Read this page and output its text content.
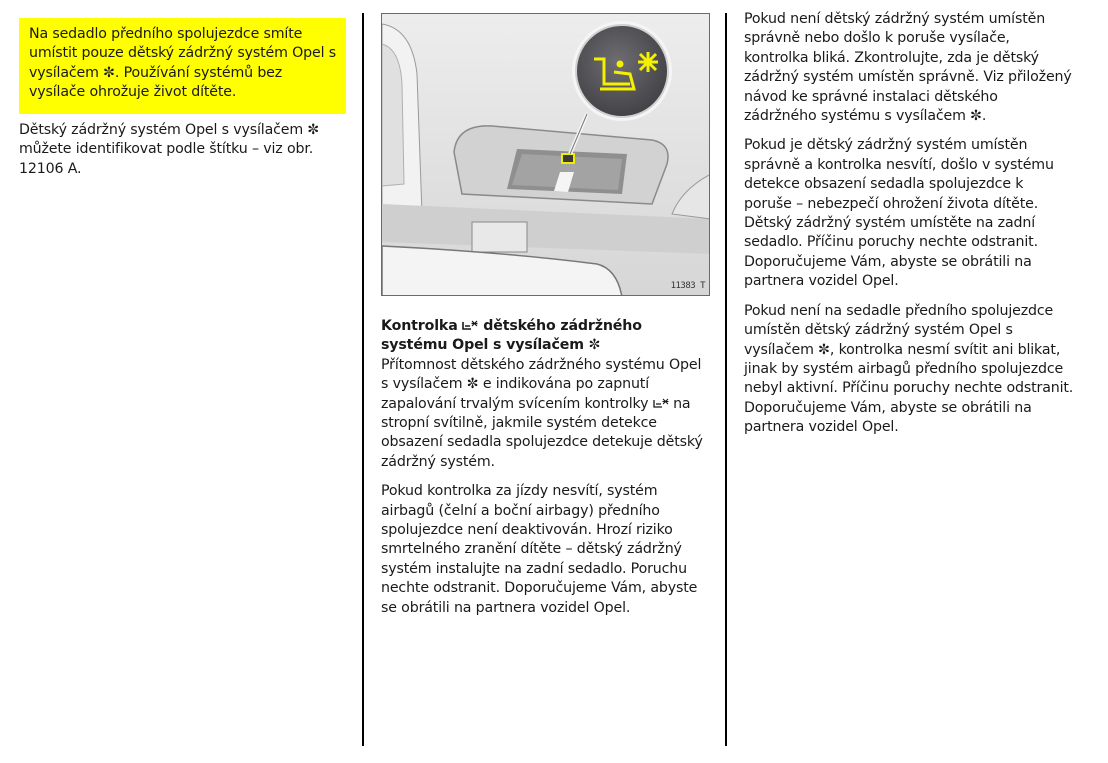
Na sedadlo předního spolujezdce smíte umístit pouze dětský zádržný systém Opel s vysílačem ✼. Používání systémů bez vysílače ohrožuje život dítěte.

Dětský zádržný systém Opel s vysílačem ✼ můžete identifikovat podle štítku – viz obr. 12106 A.

11383 T

Kontrolka dětského zádržného systému Opel s vysílačem ✼

Přítomnost dětského zádržného systému Opel s vysílačem ✼ e indikována po zapnutí zapalování trvalým svícením kontrolky na stropní svítilně, jakmile systém detekce obsazení sedadla spolujezdce detekuje dětský zádržný systém.

Pokud kontrolka za jízdy nesvítí, systém airbagů (čelní a boční airbagy) předního spolujezdce není deaktivován. Hrozí riziko smrtelného zranění dítěte – dětský zádržný systém instalujte na zadní sedadlo. Poruchu nechte odstranit. Doporučujeme Vám, abyste se obrátili na partnera vozidel Opel.

Pokud není dětský zádržný systém umístěn správně nebo došlo k poruše vysílače, kontrolka bliká. Zkontrolujte, zda je dětský zádržný systém umístěn správně. Viz přiložený návod ke správné instalaci dětského zádržného systému s vysílačem ✼.

Pokud je dětský zádržný systém umístěn správně a kontrolka nesvítí, došlo v systému detekce obsazení sedadla spolujezdce k poruše – nebezpečí ohrožení života dítěte. Dětský zádržný systém umístěte na zadní sedadlo. Příčinu poruchy nechte odstranit. Doporučujeme Vám, abyste se obrátili na partnera vozidel Opel.

Pokud není na sedadle předního spolujezdce umístěn dětský zádržný systém Opel s vysílačem ✼, kontrolka nesmí svítit ani blikat, jinak by systém airbagů předního spolujezdce nebyl aktivní. Příčinu poruchy nechte odstranit. Doporučujeme Vám, abyste se obrátili na partnera vozidel Opel.
